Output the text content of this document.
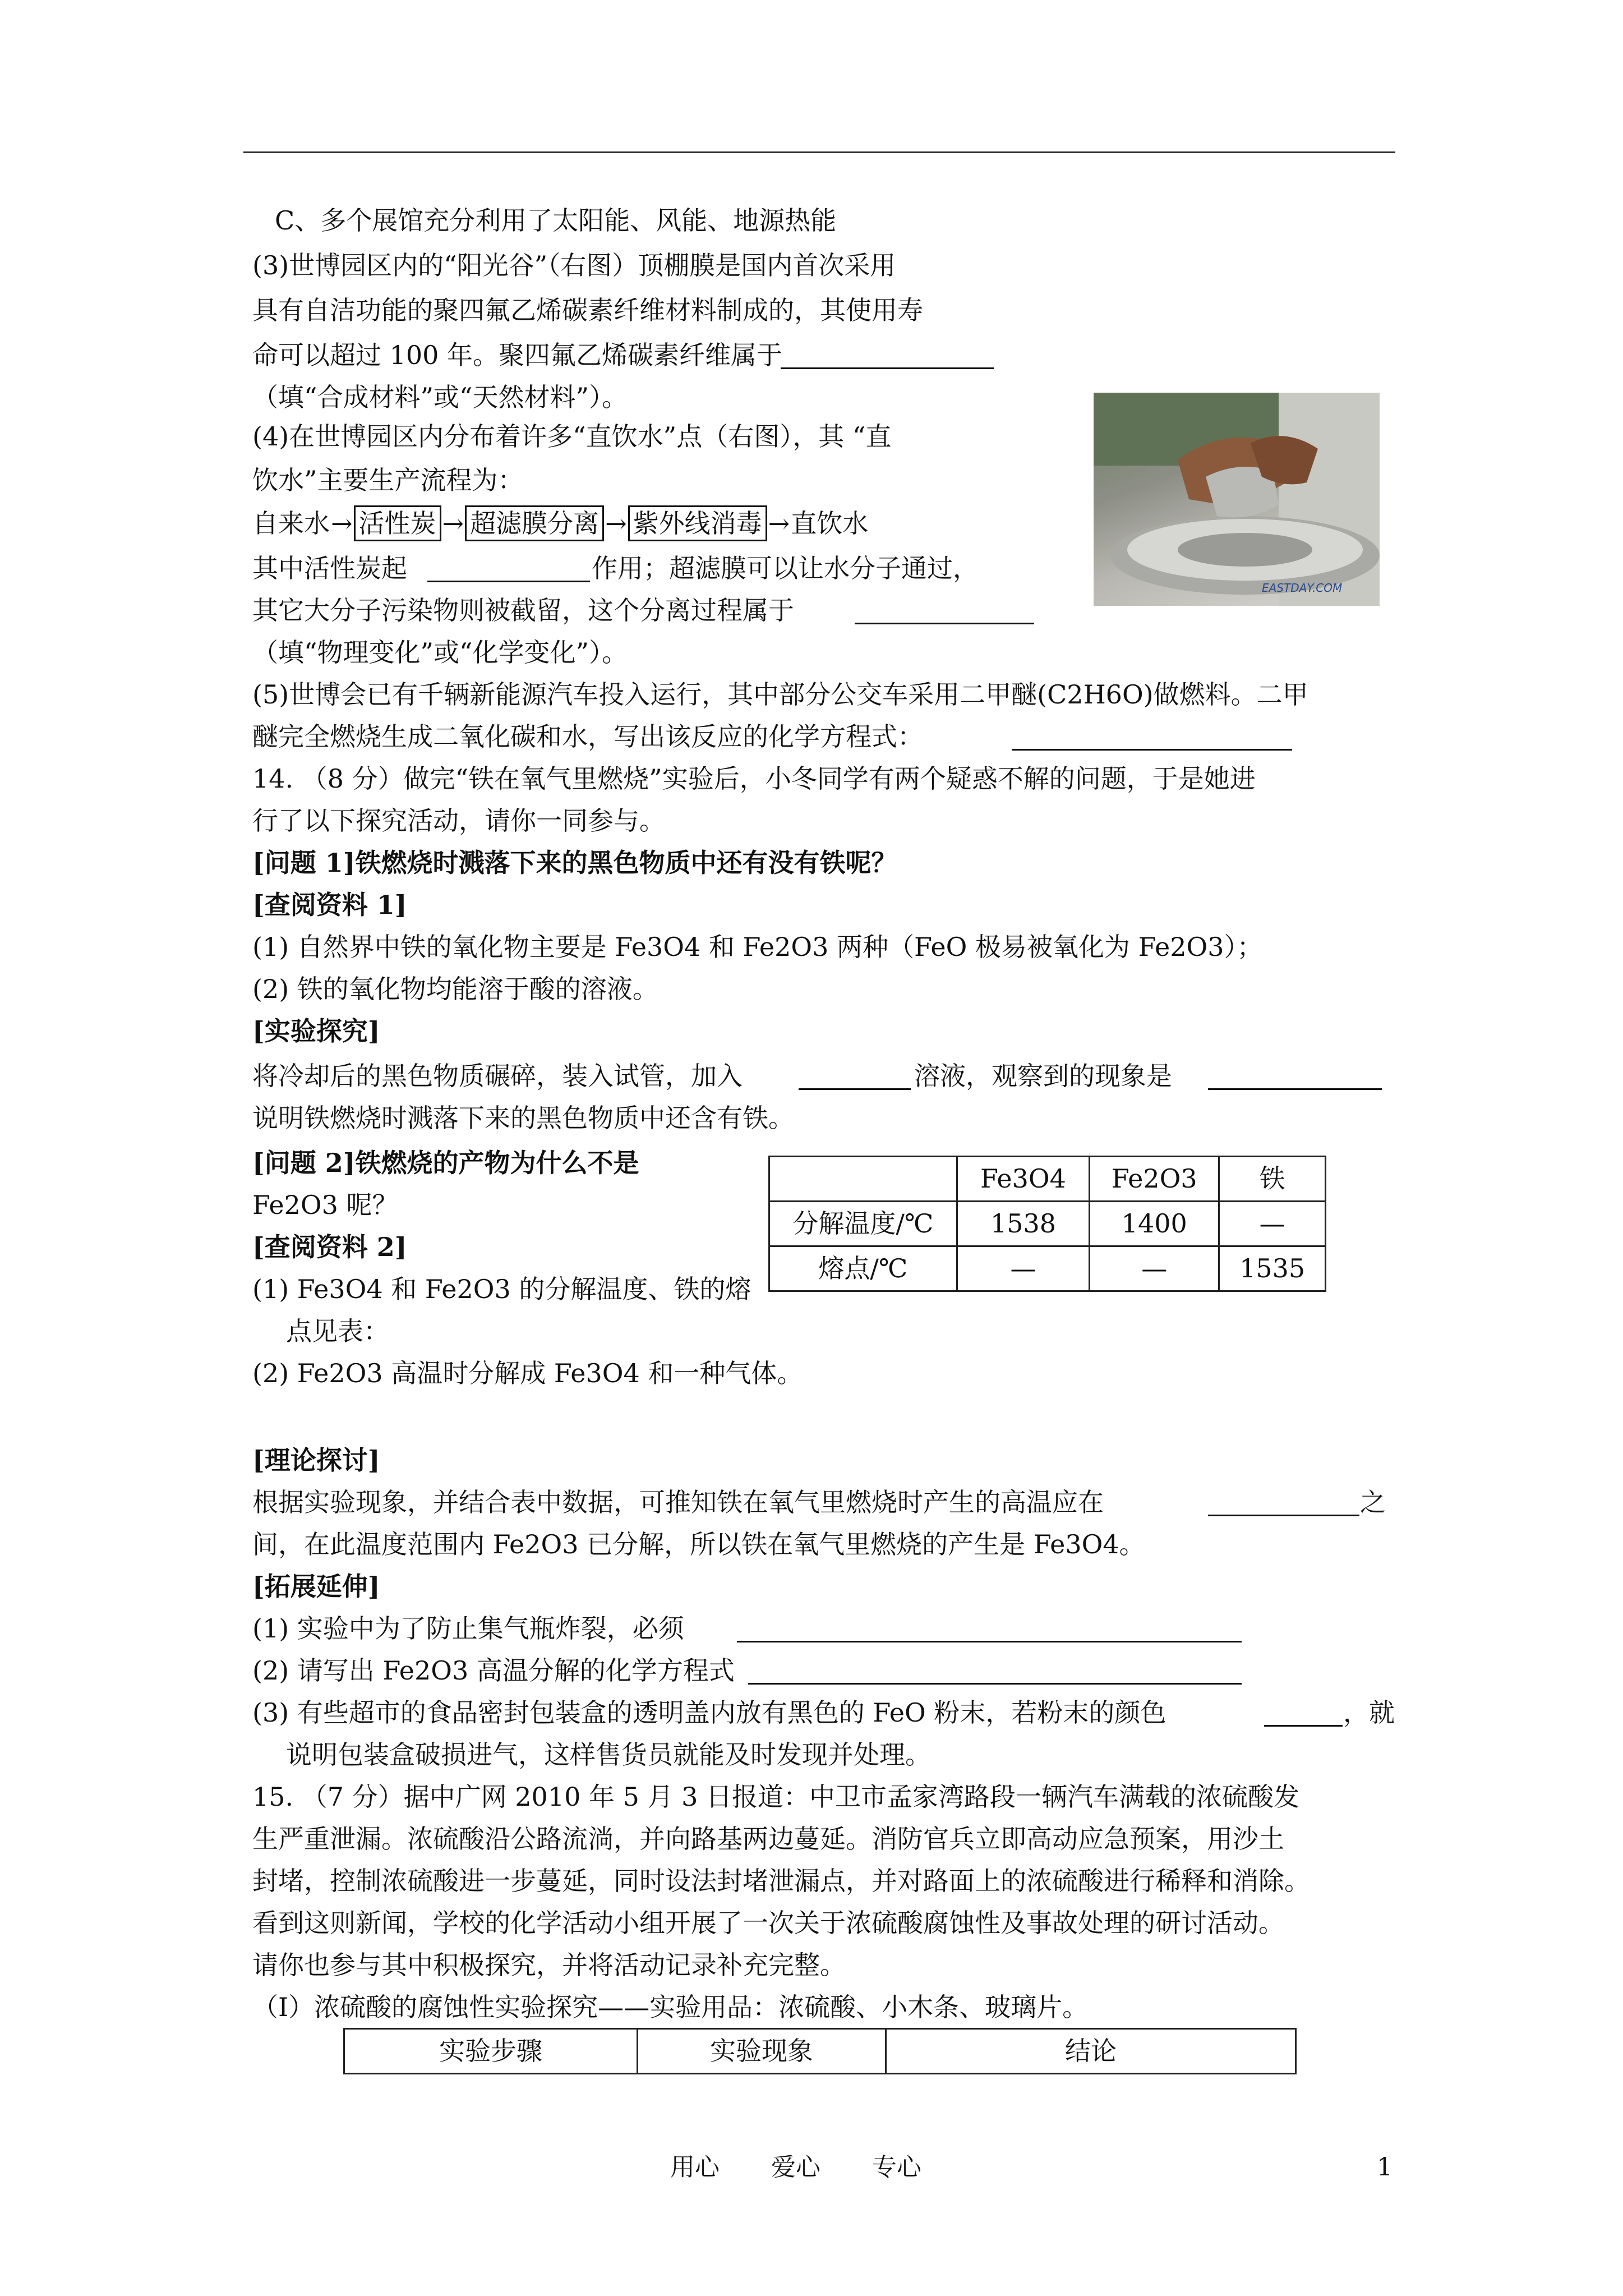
C、多个展馆充分利用了太阳能、风能、地源热能
(3)世博园区内的“阳光谷”（右图）顶棚膜是国内首次采用
具有自洁功能的聚四氟乙烯碳素纤维材料制成的，其使用寿
命可以超过 100 年。聚四氟乙烯碳素纤维属于
（填“合成材料”或“天然材料”）。
(4)在世博园区内分布着许多“直饮水”点（右图），其 “直
饮水”主要生产流程为：
其中活性炭起
其它大分子污染物则被截留，这个分离过程属于
（填“物理变化”或“化学变化”）。
(5)世博会已有千辆新能源汽车投入运行，其中部分公交车采用二甲醚(C2H6O)做燃料。二甲
醚完全燃烧生成二氧化碳和水，写出该反应的化学方程式：
14. （8 分）做完“铁在氧气里燃烧”实验后，小冬同学有两个疑惑不解的问题，于是她进
行了以下探究活动，请你一同参与。
[问题 1]铁燃烧时溅落下来的黑色物质中还有没有铁呢？
[查阅资料 1]
(1) 自然界中铁的氧化物主要是 Fe3O4 和 Fe2O3 两种（FeO 极易被氧化为 Fe2O3）；
(2) 铁的氧化物均能溶于酸的溶液。
[实验探究]
将冷却后的黑色物质碾碎，装入试管，加入
说明铁燃烧时溅落下来的黑色物质中还含有铁。
[问题 2]铁燃烧的产物为什么不是
Fe2O3 呢？
[查阅资料 2]
(1) Fe3O4 和 Fe2O3 的分解温度、铁的熔
点见表：
(2) Fe2O3 高温时分解成 Fe3O4 和一种气体。
[理论探讨]
根据实验现象，并结合表中数据，可推知铁在氧气里燃烧时产生的高温应在
间，在此温度范围内 Fe2O3 已分解，所以铁在氧气里燃烧的产生是 Fe3O4。
[拓展延伸]
(1) 实验中为了防止集气瓶炸裂，必须
(2) 请写出 Fe2O3 高温分解的化学方程式
(3) 有些超市的食品密封包装盒的透明盖内放有黑色的 FeO 粉末，若粉末的颜色
说明包装盒破损进气，这样售货员就能及时发现并处理。
15. （7 分）据中广网 2010 年 5 月 3 日报道：中卫市孟家湾路段一辆汽车满载的浓硫酸发
生严重泄漏。浓硫酸沿公路流淌，并向路基两边蔓延。消防官兵立即高动应急预案，用沙土
封堵，控制浓硫酸进一步蔓延，同时设法封堵泄漏点，并对路面上的浓硫酸进行稀释和消除。
看到这则新闻，学校的化学活动小组开展了一次关于浓硫酸腐蚀性及事故处理的研讨活动。
请你也参与其中积极探究，并将活动记录补充完整。
（I）浓硫酸的腐蚀性实验探究——实验用品：浓硫酸、小木条、玻璃片。
自来水→ 活性炭 → 超滤膜分离 → 紫外线消毒 →直饮水
作用；超滤膜可以让水分子通过，
溶液，观察到的现象是
之
，就
EASTDAY.COM
	Fe3O4	Fe2O3	铁
分解温度/℃	1538	1400	—
熔点/℃	—	—	1535
实验步骤	实验现象	结论
用心 爱心 专心	1
